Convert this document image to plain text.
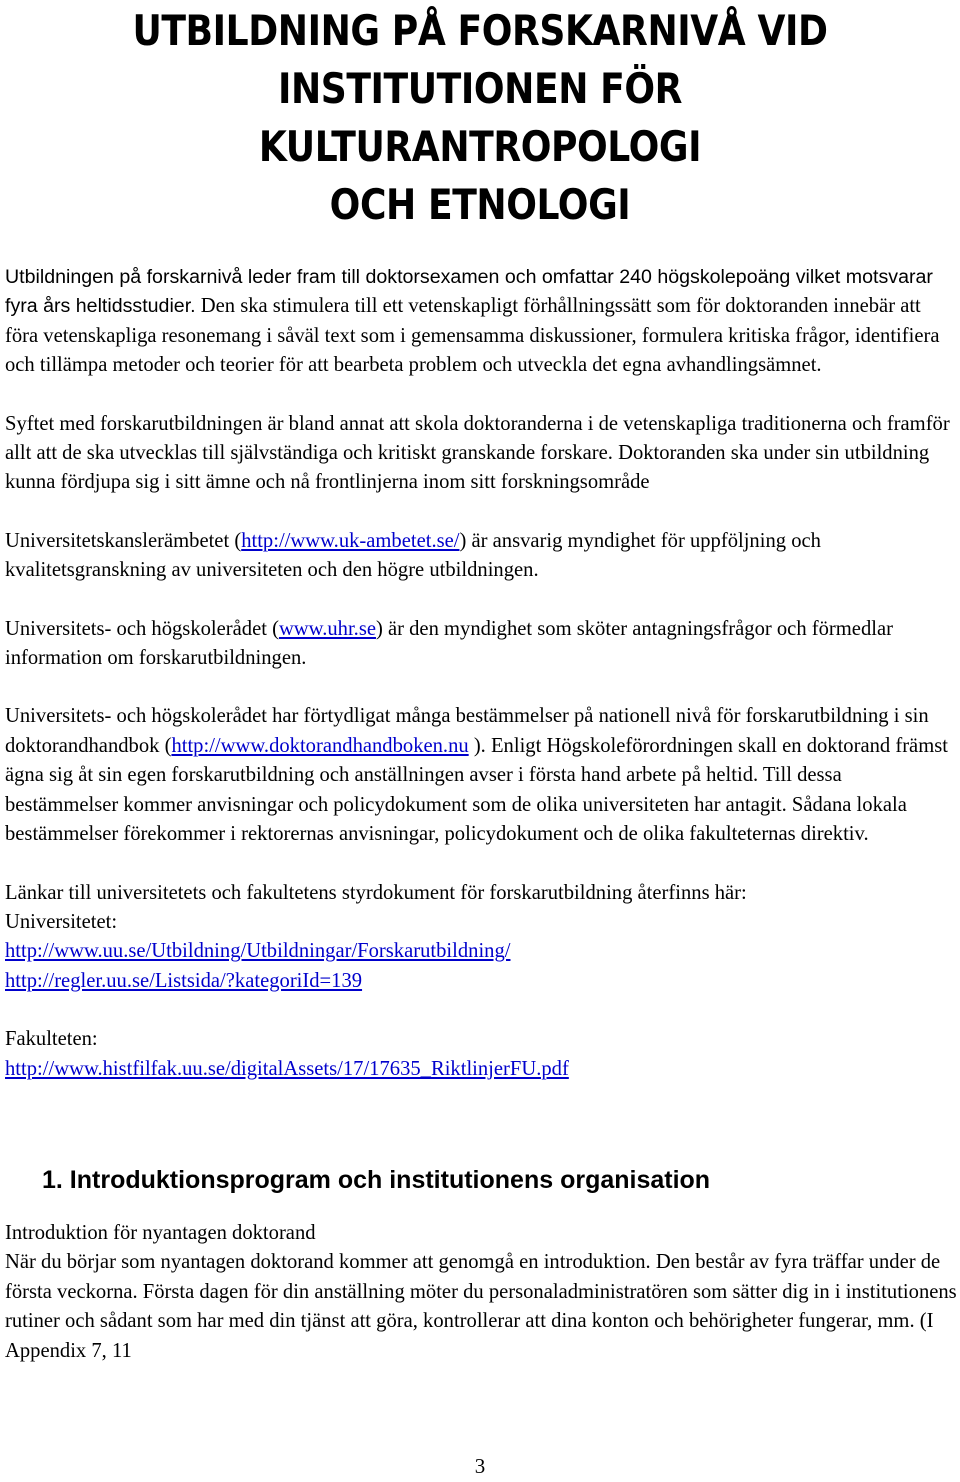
UTBILDNING PÅ FORSKARNIVÅ VID
INSTITUTIONEN FÖR KULTURANTROPOLOGI
OCH ETNOLOGI

Utbildningen på forskarnivå leder fram till doktorsexamen och omfattar 240 högskolepoäng vilket motsvarar fyra års heltidsstudier. Den ska stimulera till ett vetenskapligt förhållningssätt som för doktoranden innebär att föra vetenskapliga resonemang i såväl text som i gemensamma diskussioner, formulera kritiska frågor, identifiera och tillämpa metoder och teorier för att bearbeta problem och utveckla det egna avhandlingsämnet.

Syftet med forskarutbildningen är bland annat att skola doktoranderna i de vetenskapliga traditionerna och framför allt att de ska utvecklas till självständiga och kritiskt granskande forskare. Doktoranden ska under sin utbildning kunna fördjupa sig i sitt ämne och nå frontlinjerna inom sitt forskningsområde

Universitetskanslerämbetet (http://www.uk-ambetet.se/) är ansvarig myndighet för uppföljning och kvalitetsgranskning av universiteten och den högre utbildningen.

Universitets- och högskolerådet (www.uhr.se) är den myndighet som sköter antagningsfrågor och förmedlar information om forskarutbildningen.

Universitets- och högskolerådet har förtydligat många bestämmelser på nationell nivå för forskarutbildning i sin doktorandhandbok (http://www.doktorandhandboken.nu ). Enligt Högskoleförordningen skall en doktorand främst ägna sig åt sin egen forskarutbildning och anställningen avser i första hand arbete på heltid. Till dessa bestämmelser kommer anvisningar och policydokument som de olika universiteten har antagit. Sådana lokala bestämmelser förekommer i rektorernas anvisningar, policydokument och de olika fakulteternas direktiv.

Länkar till universitetets och fakultetens styrdokument för forskarutbildning återfinns här:
Universitetet:
http://www.uu.se/Utbildning/Utbildningar/Forskarutbildning/
http://regler.uu.se/Listsida/?kategoriId=139

Fakulteten:
http://www.histfilfak.uu.se/digitalAssets/17/17635_RiktlinjerFU.pdf

1. Introduktionsprogram och institutionens organisation

Introduktion för nyantagen doktorand
När du börjar som nyantagen doktorand kommer att genomgå en introduktion. Den består av fyra träffar under de första veckorna. Första dagen för din anställning möter du personaladministratören som sätter dig in i institutionens rutiner och sådant som har med din tjänst att göra, kontrollerar att dina konton och behörigheter fungerar, mm. (I Appendix 7, 11

3
